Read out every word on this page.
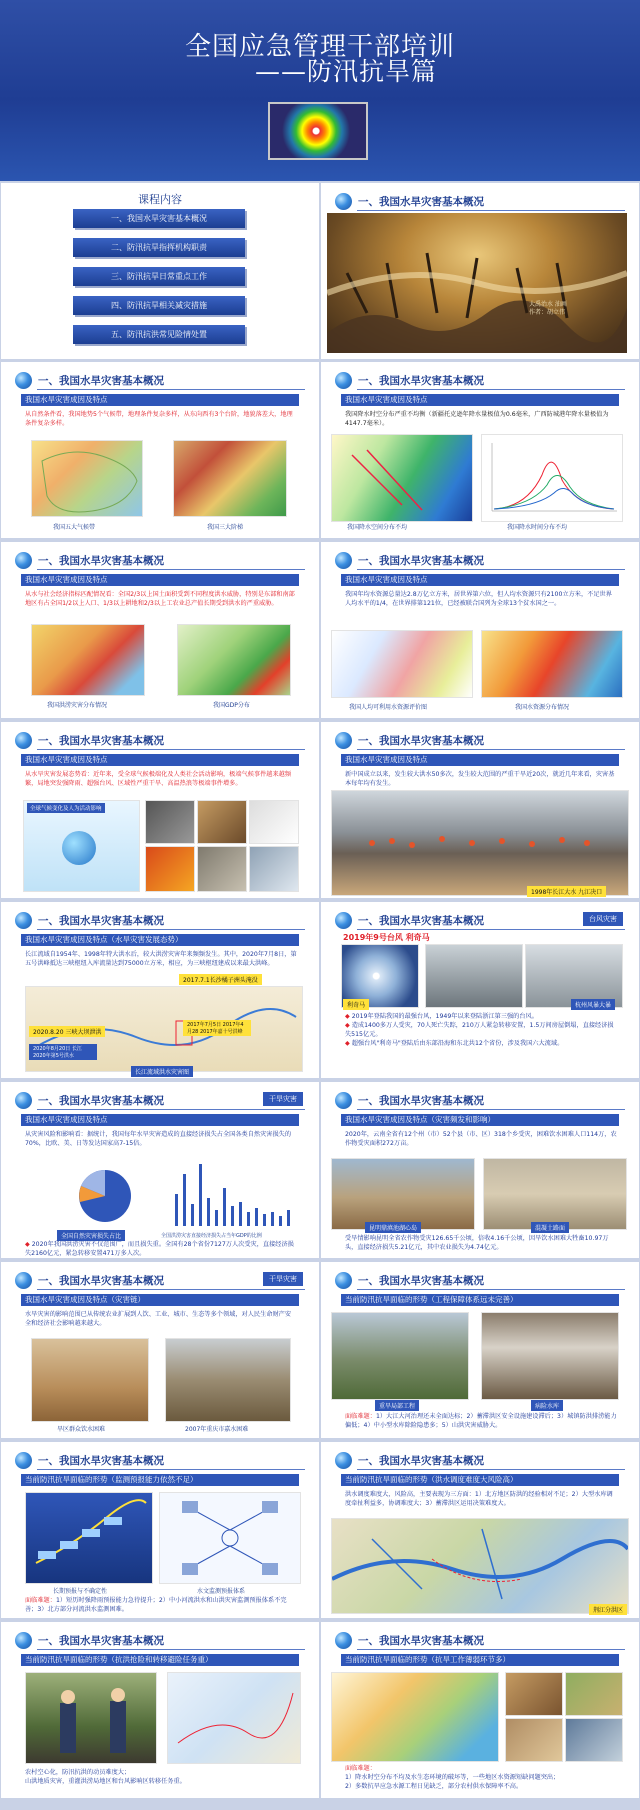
全国应急管理干部培训
——防汛抗旱篇
课程内容
一、我国水旱灾害基本概况
二、防汛抗旱指挥机构职责
三、防汛抗旱日常重点工作
四、防汛抗旱相关减灾措施
五、防汛抗洪常见险情处置
一、我国水旱灾害基本概况
大禹治水 油画
作者：胡立伟
一、我国水旱灾害基本概况
我国水旱灾害成因及特点
从自然条件看，我国地势5个气候带，地理条件复杂多样，从东向西有3个台阶，地貌落差大，地理条件复杂多样。
我国五大气候带	我国三大阶梯
一、我国水旱灾害基本概况
我国水旱灾害成因及特点
我国降水时空分布严重不均衡（新疆托克逊年降水量极值为0.6毫米，广西防城港年降水量极值为4147.7毫米）。
我国降水空间分布不均	我国降水时间分布不均
一、我国水旱灾害基本概况
我国水旱灾害成因及特点
从水与社会经济指标匹配情况看：全国2/3以上国土面积受到不同程度洪水威胁，特别是东部和南部地区有占全国1/2以上人口、1/3以上耕地和2/3以上工农业总产值长期受到洪水的严重威胁。
我国洪涝灾害分布情况	我国GDP分布
一、我国水旱灾害基本概况
我国水旱灾害成因及特点
我国年均水资源总量达2.8万亿立方米，居世界第六位，但人均水资源只有2100立方米，不足世界人均水平的1/4，在世界排第121位，已经被联合国列为全球13个贫水国之一。
我国人均可利用水资源评价图	我国水资源分布情况
一、我国水旱灾害基本概况
我国水旱灾害成因及特点
从水旱灾害发展态势看：近年来，受全球气候极端化及人类社会活动影响，极端气候事件越来越频繁，局地突发强降雨、超强台风、区域性严重干旱、高温热浪等极端事件增多。
全球气候变化及人为活动影响
一、我国水旱灾害基本概况
我国水旱灾害成因及特点
新中国成立以来，发生较大洪水50多次，发生较大范围的严重干旱近20次，就近几年来看，灾害基本每年均有发生。
1998年长江大水 九江决口
一、我国水旱灾害基本概况
我国水旱灾害成因及特点（水旱灾害发展态势）
长江流域自1954年、1998年特大洪水后，较大洪涝灾害年来频频发生。其中，2020年7月8日，第五号洪峰抵达三峡枢纽入库流量达到75000立方米，相应，为三峡枢纽建成以来最大洪峰。
2017.7.1长沙橘子洲头淹没
2020.8.20 三峡大坝泄洪
2017年7月5日 2017年4月28 2017年嘉十号洪峰
2020年8月20日 长江 2020年第5号洪水
长江流域洪水灾害图
一、我国水旱灾害基本概况	台风灾害
2019年9号台风 利奇马
利奇马	杭州风暴大暴
◆ 2019年登陆我国的最强台风，1949年以来登陆浙江第三强的台风。
◆ 造成1400多万人受灾，70人死亡失踪，210万人紧急转移安置，1.5万间房屋倒塌，直接经济损失515亿元。
◆ 超强台风"利奇马"登陆后由东部沿海和东北共12个省份，涉及我国六大流域。
一、我国水旱灾害基本概况	干旱灾害
我国水旱灾害成因及特点
从灾害风险和影响看：据统计，我国每年水旱灾害造成的直接经济损失占全国各类自然灾害损失的70%，比欧、美、日等发达国家高7-15倍。
全国自然灾害损失占比	全国洪涝灾害直接经济损失占当年GDP的比例
◆ 2020年我国洪涝灾害不仅范围广，而且损失重。全国有28个省份7127万人次受灾，直接经济损失2160亿元，紧急转移安置471万多人次。
一、我国水旱灾害基本概况
我国水旱灾害成因及特点（灾害频发和影响）
2020年，云南全省有12个州（市）52个县（市、区）318个乡受灾，困难饮水困难人口114万，农作物受灾面积272万亩。
昆明鼎滇池湖心岛	混凝土路面
受旱情影响昆明全省农作物受灾126.65千公顷，倍收4.16千公顷，因旱饮水困难大牲畜10.97万头，直接经济损失5.21亿元，其中农业损失为4.74亿元。
一、我国水旱灾害基本概况	干旱灾害
我国水旱灾害成因及特点（灾害链）
水旱灾害的影响范围已从传统农业扩展到人饮、工业、城市、生态等多个领域，对人民生命财产安全和经济社会影响越来越大。
旱区群众饮水困难	2007年重庆市嘉水困难
一、我国水旱灾害基本概况
当前防汛抗旱面临的形势（工程保障体系远未完善）
重旱局部工程	病险水库
面临难题：1）大江大河治理还未全面达标；2）蓄滞洪区安全设施建设滞后；3）城镇防洪排涝能力偏低；4）中小型水库除险隐患多；5）山洪灾害威胁大。
一、我国水旱灾害基本概况
当前防汛抗旱面临的形势（监测预报能力依然不足）
长期预报与不确定性	水文监测预报体系
面临难题：1）短历时强降雨预报能力急待提升；2）中小河流洪水和山洪灾害监测预报体系不完善；3）北方部分河流洪水监测困难。
一、我国水旱灾害基本概况
当前防汛抗旱面临的形势（洪水调度难度大风险高）
洪水调度难度大，风险高，主要表现为三方面：1）北方地区防洪的经验相对不足；2）大型水库调度牵扯利益多，协调难度大；3）蓄滞洪区运用决策难度大。
荆江分洪区
一、我国水旱灾害基本概况
当前防汛抗旱面临的形势（抗洪抢险和转移避险任务重）
农村空心化，防汛抗洪的动员难度大；
山洪地质灾害，重灌洪涝局地区和台风影响区转移任务重。
一、我国水旱灾害基本概况
当前防汛抗旱面临的形势（抗旱工作薄弱环节多）
面临难题：
1）降水时空分布不均及水生态环境的破坏等，一些地区水资源短缺问题突出；
2）多数抗旱应急水源工程日见缺乏，部分农村供水保障率不高。
